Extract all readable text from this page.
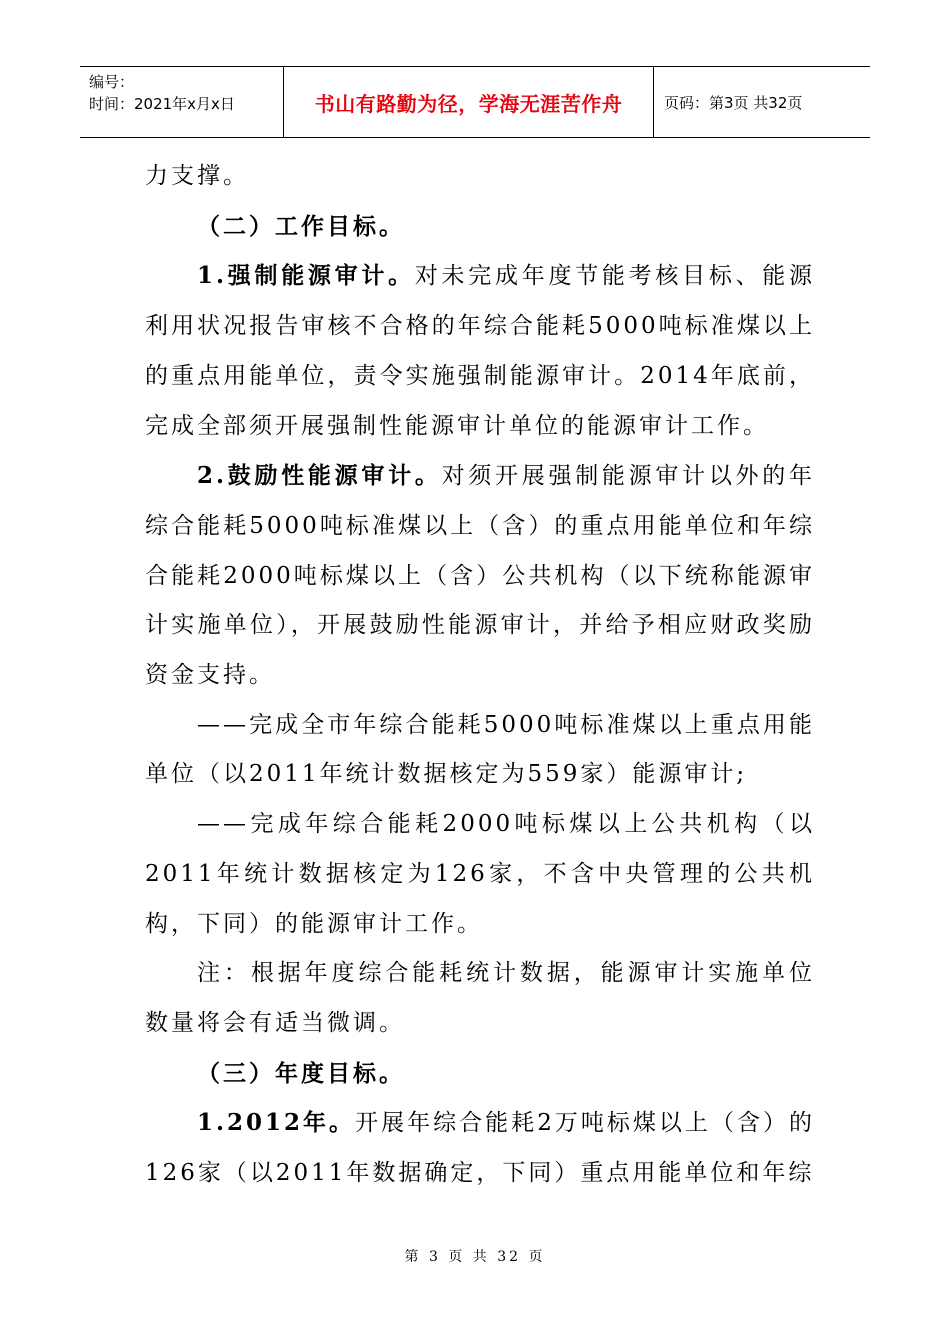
编号：
时间：2021年x月x日	书山有路勤为径，学海无涯苦作舟	页码：第3页 共32页

力支撑。

（二）工作目标。

1.强制能源审计。对未完成年度节能考核目标、能源利用状况报告审核不合格的年综合能耗5000吨标准煤以上的重点用能单位，责令实施强制能源审计。2014年底前，完成全部须开展强制性能源审计单位的能源审计工作。

2.鼓励性能源审计。对须开展强制能源审计以外的年综合能耗5000吨标准煤以上（含）的重点用能单位和年综合能耗2000吨标煤以上（含）公共机构（以下统称能源审计实施单位），开展鼓励性能源审计，并给予相应财政奖励资金支持。

——完成全市年综合能耗5000吨标准煤以上重点用能单位（以2011年统计数据核定为559家）能源审计;

——完成年综合能耗2000吨标煤以上公共机构（以2011年统计数据核定为126家，不含中央管理的公共机构，下同）的能源审计工作。

注：根据年度综合能耗统计数据，能源审计实施单位数量将会有适当微调。

（三）年度目标。

1.2012年。开展年综合能耗2万吨标煤以上（含）的126家（以2011年数据确定，下同）重点用能单位和年综

第 3 页 共 32 页
